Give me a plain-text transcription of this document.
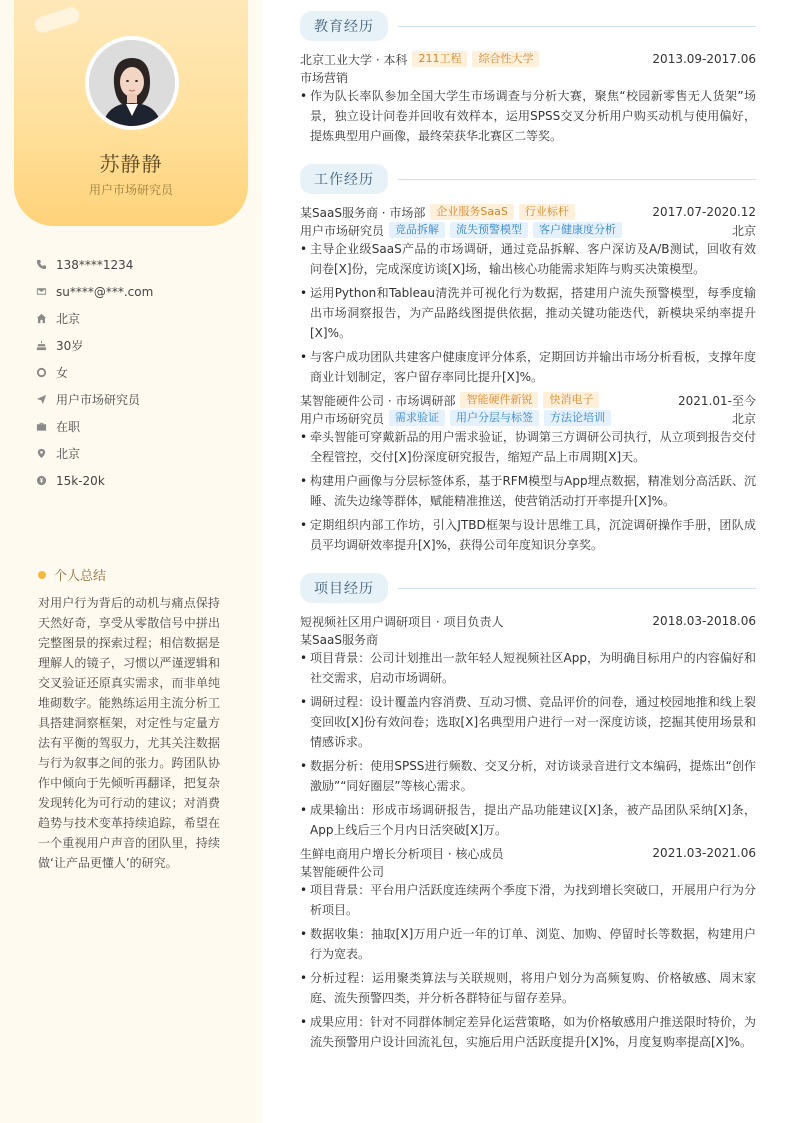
苏静静
用户市场研究员
138****1234
su****@***.com
北京
30岁
女
用户市场研究员
在职
北京
15k-20k
个人总结
对用户行为背后的动机与痛点保持天然好奇，享受从零散信号中拼出完整图景的探索过程；相信数据是理解人的镜子，习惯以严谨逻辑和交叉验证还原真实需求，而非单纯堆砌数字。能熟练运用主流分析工具搭建洞察框架，对定性与定量方法有平衡的驾驭力，尤其关注数据与行为叙事之间的张力。跨团队协作中倾向于先倾听再翻译，把复杂发现转化为可行动的建议；对消费趋势与技术变革持续追踪，希望在一个重视用户声音的团队里，持续做‘让产品更懂人’的研究。
教育经历
北京工业大学 · 本科	211工程	综合性大学	2013.09-2017.06
市场营销
• 作为队长率队参加全国大学生市场调查与分析大赛，聚焦“校园新零售无人货架”场景，独立设计问卷并回收有效样本，运用SPSS交叉分析用户购买动机与使用偏好，提炼典型用户画像，最终荣获华北赛区二等奖。
工作经历
某SaaS服务商 · 市场部	企业服务SaaS	行业标杆	2017.07-2020.12
用户市场研究员	竞品拆解	流失预警模型	客户健康度分析	北京
• 主导企业级SaaS产品的市场调研，通过竞品拆解、客户深访及A/B测试，回收有效问卷[X]份，完成深度访谈[X]场，输出核心功能需求矩阵与购买决策模型。
• 运用Python和Tableau清洗并可视化行为数据，搭建用户流失预警模型，每季度输出市场洞察报告，为产品路线图提供依据，推动关键功能迭代，新模块采纳率提升[X]%。
• 与客户成功团队共建客户健康度评分体系，定期回访并输出市场分析看板，支撑年度商业计划制定，客户留存率同比提升[X]%。
某智能硬件公司 · 市场调研部	智能硬件新锐	快消电子	2021.01-至今
用户市场研究员	需求验证	用户分层与标签	方法论培训	北京
• 牵头智能可穿戴新品的用户需求验证，协调第三方调研公司执行，从立项到报告交付全程管控，交付[X]份深度研究报告，缩短产品上市周期[X]天。
• 构建用户画像与分层标签体系，基于RFM模型与App埋点数据，精准划分高活跃、沉睡、流失边缘等群体，赋能精准推送，使营销活动打开率提升[X]%。
• 定期组织内部工作坊，引入JTBD框架与设计思维工具，沉淀调研操作手册，团队成员平均调研效率提升[X]%，获得公司年度知识分享奖。
项目经历
短视频社区用户调研项目 · 项目负责人	2018.03-2018.06
某SaaS服务商
• 项目背景：公司计划推出一款年轻人短视频社区App，为明确目标用户的内容偏好和社交需求，启动市场调研。
• 调研过程：设计覆盖内容消费、互动习惯、竞品评价的问卷，通过校园地推和线上裂变回收[X]份有效问卷；选取[X]名典型用户进行一对一深度访谈，挖掘其使用场景和情感诉求。
• 数据分析：使用SPSS进行频数、交叉分析，对访谈录音进行文本编码，提炼出“创作激励”“同好圈层”等核心需求。
• 成果输出：形成市场调研报告，提出产品功能建议[X]条，被产品团队采纳[X]条，App上线后三个月内日活突破[X]万。
生鲜电商用户增长分析项目 · 核心成员	2021.03-2021.06
某智能硬件公司
• 项目背景：平台用户活跃度连续两个季度下滑，为找到增长突破口，开展用户行为分析项目。
• 数据收集：抽取[X]万用户近一年的订单、浏览、加购、停留时长等数据，构建用户行为宽表。
• 分析过程：运用聚类算法与关联规则，将用户划分为高频复购、价格敏感、周末家庭、流失预警四类，并分析各群特征与留存差异。
• 成果应用：针对不同群体制定差异化运营策略，如为价格敏感用户推送限时特价，为流失预警用户设计回流礼包，实施后用户活跃度提升[X]%，月度复购率提高[X]%。
